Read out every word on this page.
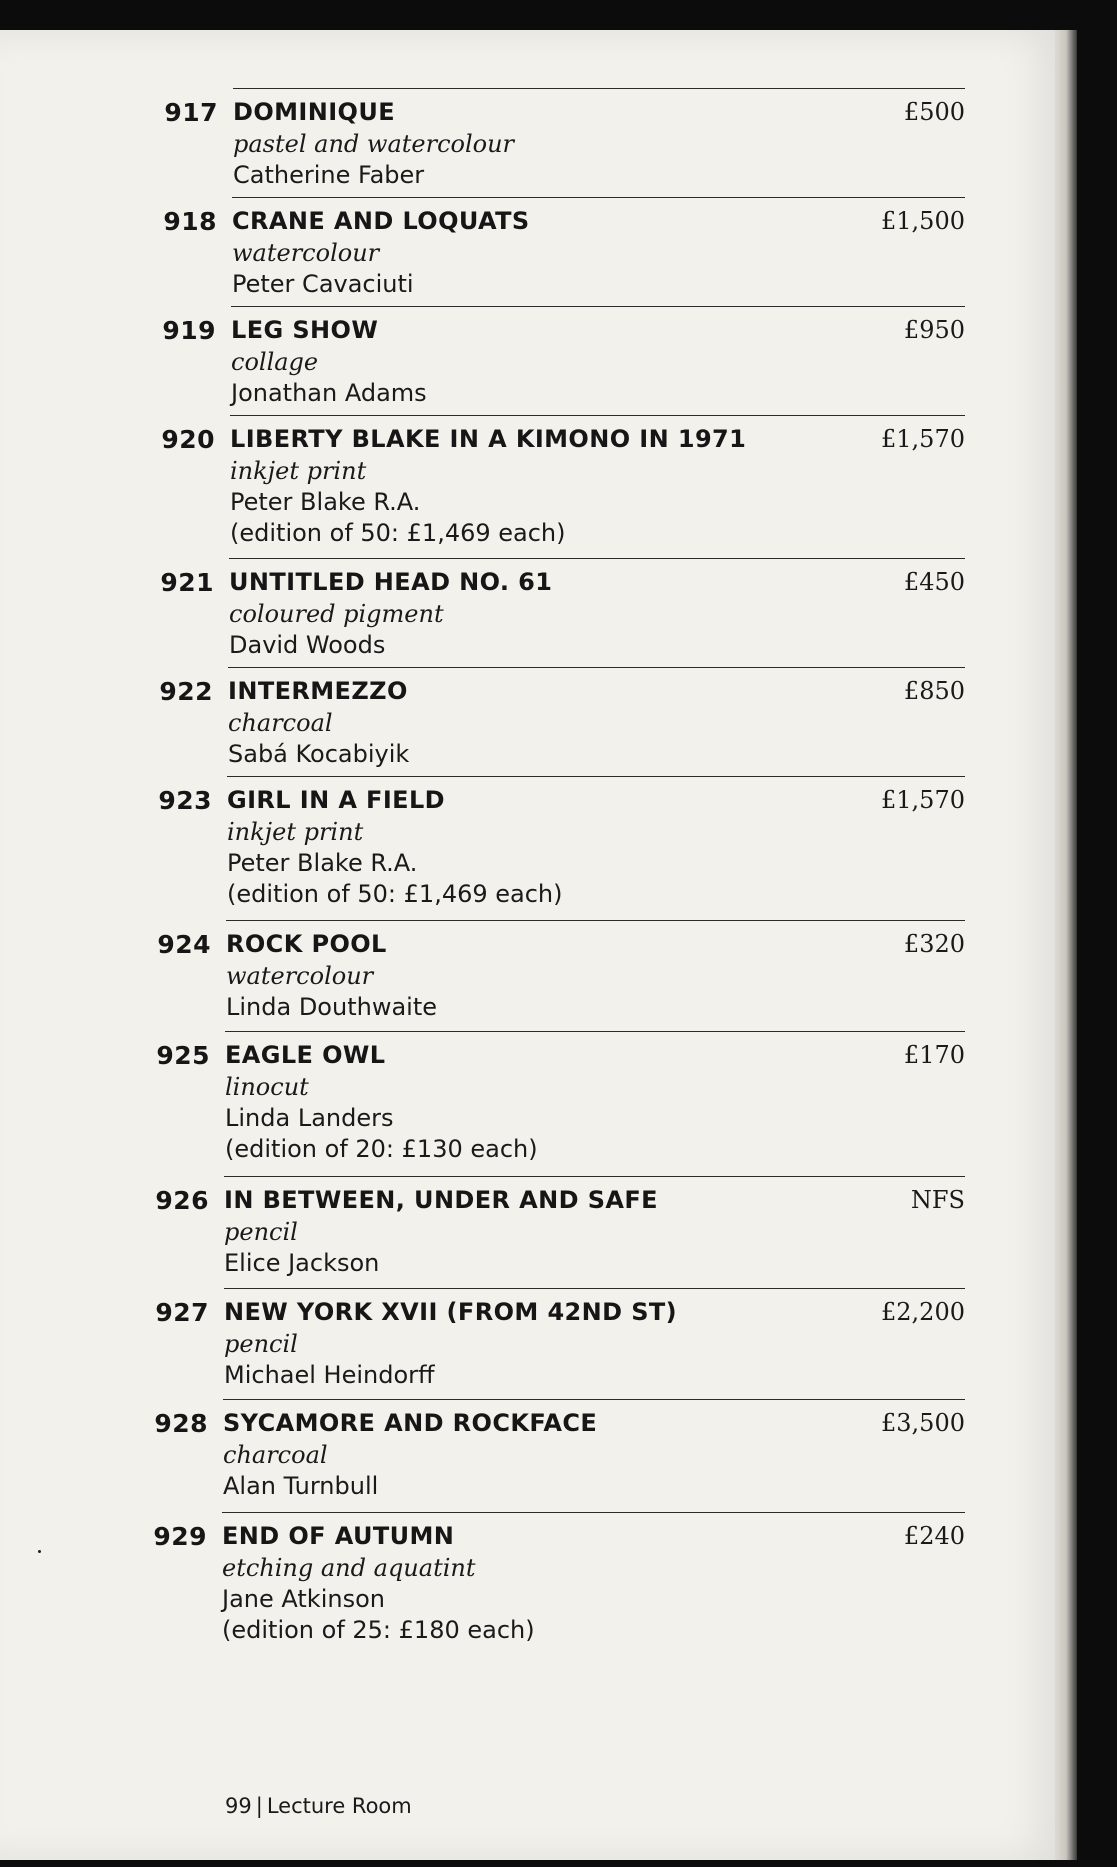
917 DOMINIQUE
pastel and watercolour
Catherine Faber
£500
918 CRANE AND LOQUATS
watercolour
Peter Cavaciuti
£1,500
919 LEG SHOW
collage
Jonathan Adams
£950
920 LIBERTY BLAKE IN A KIMONO IN 1971
inkjet print
Peter Blake R.A.
(edition of 50: £1,469 each)
£1,570
921 UNTITLED HEAD NO. 61
coloured pigment
David Woods
£450
922 INTERMEZZO
charcoal
Sabá Kocabiyik
£850
923 GIRL IN A FIELD
inkjet print
Peter Blake R.A.
(edition of 50: £1,469 each)
£1,570
924 ROCK POOL
watercolour
Linda Douthwaite
£320
925 EAGLE OWL
linocut
Linda Landers
(edition of 20: £130 each)
£170
926 IN BETWEEN, UNDER AND SAFE
pencil
Elice Jackson
NFS
927 NEW YORK XVII (FROM 42ND ST)
pencil
Michael Heindorff
£2,200
928 SYCAMORE AND ROCKFACE
charcoal
Alan Turnbull
£3,500
929 END OF AUTUMN
etching and aquatint
Jane Atkinson
(edition of 25: £180 each)
£240
99 | Lecture Room
